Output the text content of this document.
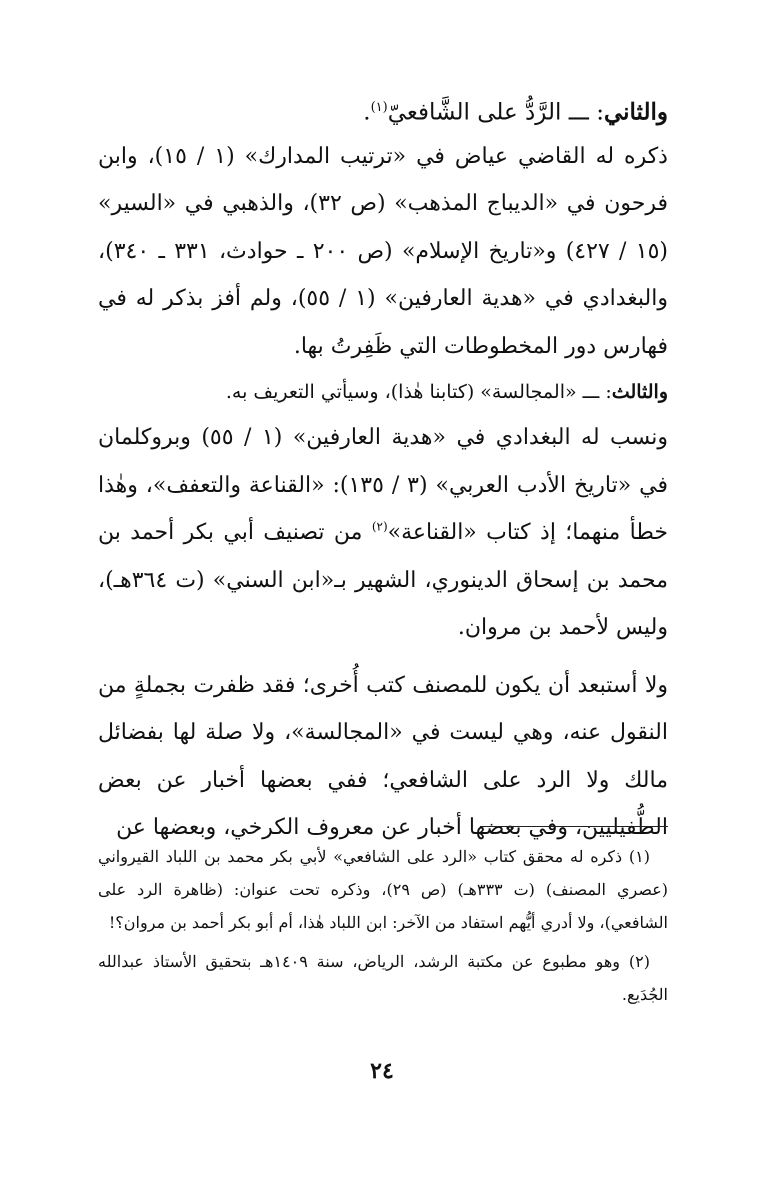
والثاني: ـــ الرَّدُّ على الشَّافعيّ$^{(١)}$.

ذكره له القاضي عياض في «ترتيب المدارك» (١ / ١٥)، وابن فرحون في «الديباج المذهب» (ص ٣٢)، والذهبي في «السير» (١٥ / ٤٢٧) و«تاريخ الإسلام» (ص ٢٠٠ ـ حوادث، ٣٣١ ـ ٣٤٠)، والبغدادي في «هدية العارفين» (١ / ٥٥)، ولم أفز بذكر له في فهارس دور المخطوطات التي ظَفِرتُ بها.

والثالث: ـــ «المجالسة» (كتابنا هٰذا)، وسيأتي التعريف به.

ونسب له البغدادي في «هدية العارفين» (١ / ٥٥) وبروكلمان في «تاريخ الأدب العربي» (٣ / ١٣٥): «القناعة والتعفف»، وهٰذا خطأ منهما؛ إذ كتاب «القناعة»$^{(٢)}$ من تصنيف أبي بكر أحمد بن محمد بن إسحاق الدينوري، الشهير بـ«ابن السني» (ت ٣٦٤هـ)، وليس لأحمد بن مروان.

ولا أستبعد أن يكون للمصنف كتب أُخرى؛ فقد ظفرت بجملةٍ من النقول عنه، وهي ليست في «المجالسة»، ولا صلة لها بفضائل مالك ولا الرد على الشافعي؛ ففي بعضها أخبار عن بعض الطُّفيليين، وفي بعضها أخبار عن معروف الكرخي، وبعضها عن

(١) ذكره له محقق كتاب «الرد على الشافعي» لأبي بكر محمد بن اللباد القيرواني (عصري المصنف) (ت ٣٣٣هـ) (ص ٢٩)، وذكره تحت عنوان: (ظاهرة الرد على الشافعي)، ولا أدري أيُّهم استفاد من الآخر: ابن اللباد هٰذا، أم أبو بكر أحمد بن مروان؟!

(٢) وهو مطبوع عن مكتبة الرشد، الرياض، سنة ١٤٠٩هـ بتحقيق الأستاذ عبدالله الجُدَيع.

٢٤
